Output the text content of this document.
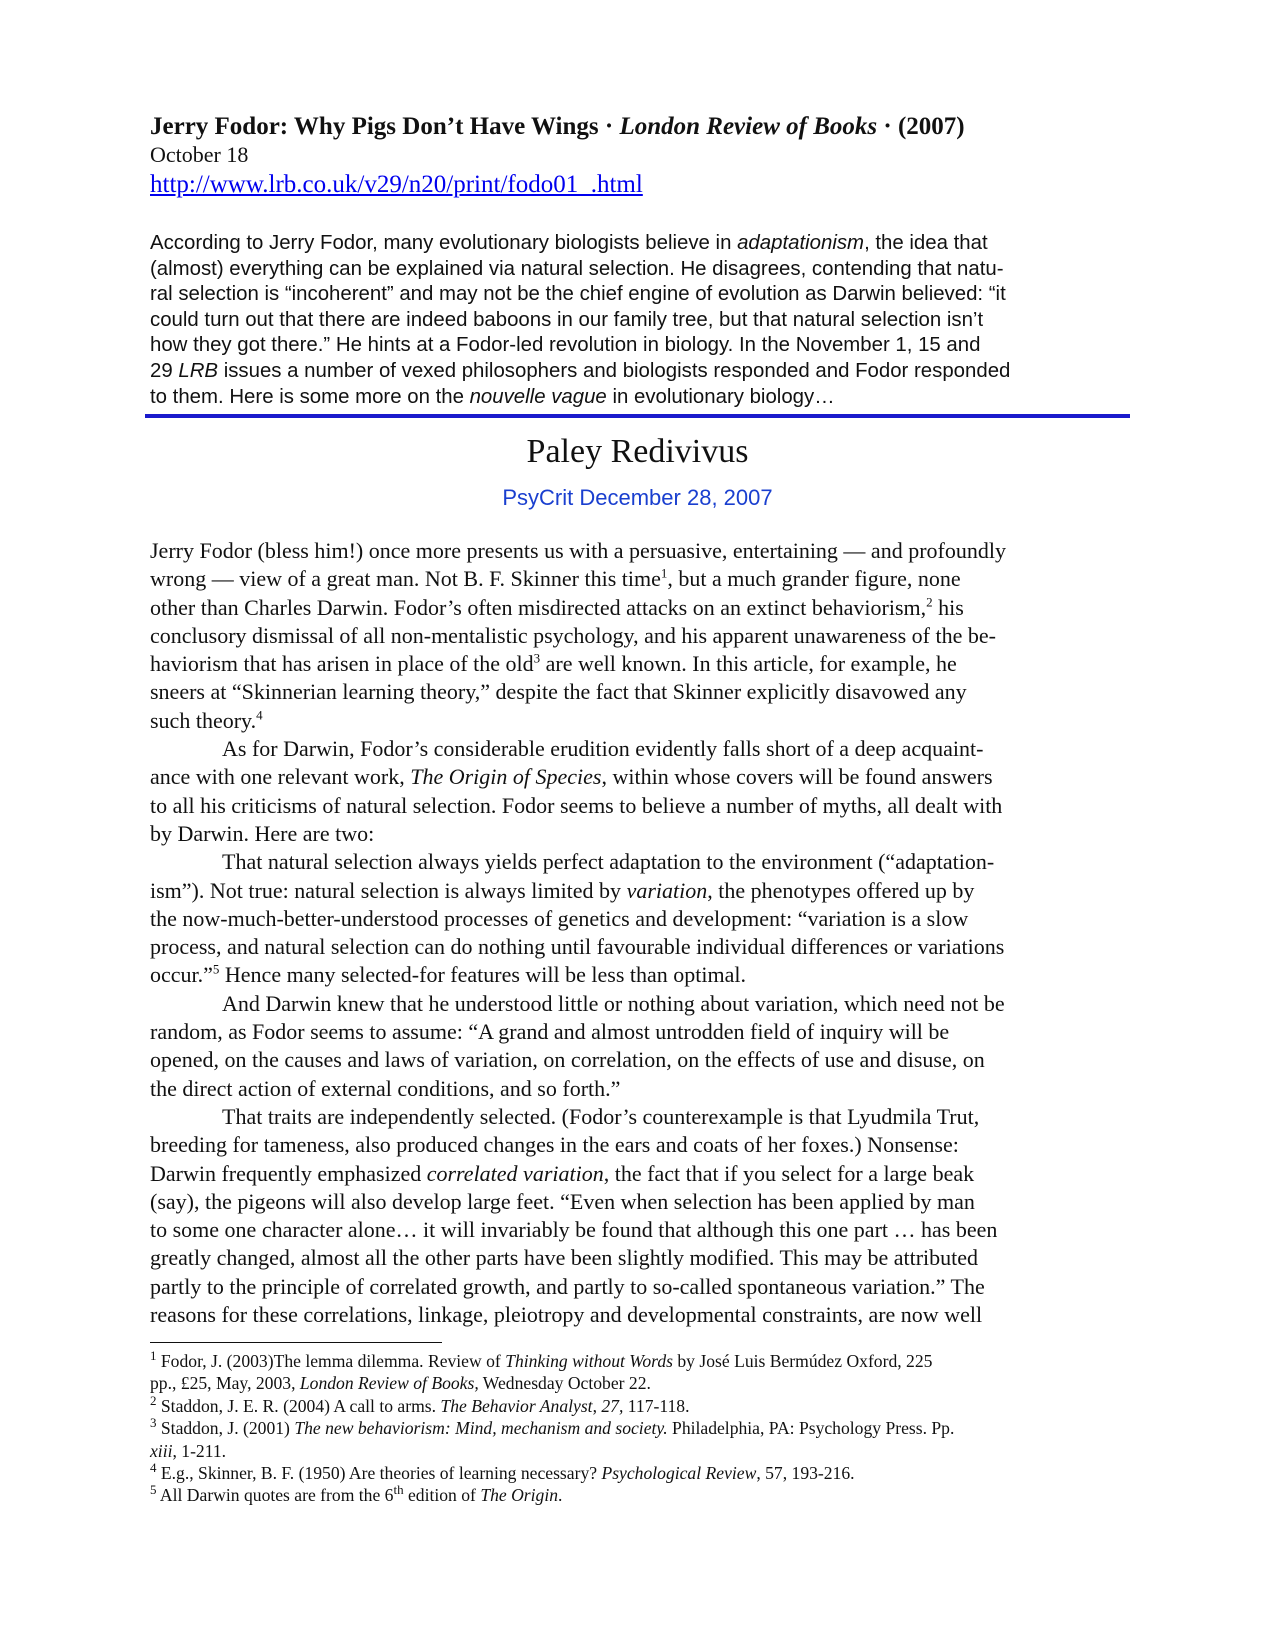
Jerry Fodor: Why Pigs Don’t Have Wings · London Review of Books · (2007)
October 18
http://www.lrb.co.uk/v29/n20/print/fodo01_.html
According to Jerry Fodor, many evolutionary biologists believe in adaptationism, the idea that
(almost) everything can be explained via natural selection. He disagrees, contending that natu-
ral selection is “incoherent” and may not be the chief engine of evolution as Darwin believed: “it
could turn out that there are indeed baboons in our family tree, but that natural selection isn’t
how they got there.” He hints at a Fodor-led revolution in biology. In the November 1, 15 and
29 LRB issues a number of vexed philosophers and biologists responded and Fodor responded
to them. Here is some more on the nouvelle vague in evolutionary biology…
Paley Redivivus
PsyCrit December 28, 2007
Jerry Fodor (bless him!) once more presents us with a persuasive, entertaining — and profoundly
wrong — view of a great man. Not B. F. Skinner this time$^1$, but a much grander figure, none
other than Charles Darwin. Fodor’s often misdirected attacks on an extinct behaviorism,$^2$ his
conclusory dismissal of all non-mentalistic psychology, and his apparent unawareness of the be-
haviorism that has arisen in place of the old$^3$ are well known. In this article, for example, he
sneers at “Skinnerian learning theory,” despite the fact that Skinner explicitly disavowed any
such theory.$^4$
As for Darwin, Fodor’s considerable erudition evidently falls short of a deep acquaint-
ance with one relevant work, The Origin of Species, within whose covers will be found answers
to all his criticisms of natural selection. Fodor seems to believe a number of myths, all dealt with
by Darwin. Here are two:
That natural selection always yields perfect adaptation to the environment (“adaptation-
ism”). Not true: natural selection is always limited by variation, the phenotypes offered up by
the now-much-better-understood processes of genetics and development: “variation is a slow
process, and natural selection can do nothing until favourable individual differences or variations
occur.”$^5$ Hence many selected-for features will be less than optimal.
And Darwin knew that he understood little or nothing about variation, which need not be
random, as Fodor seems to assume: “A grand and almost untrodden field of inquiry will be
opened, on the causes and laws of variation, on correlation, on the effects of use and disuse, on
the direct action of external conditions, and so forth.”
That traits are independently selected. (Fodor’s counterexample is that Lyudmila Trut,
breeding for tameness, also produced changes in the ears and coats of her foxes.) Nonsense:
Darwin frequently emphasized correlated variation, the fact that if you select for a large beak
(say), the pigeons will also develop large feet. “Even when selection has been applied by man
to some one character alone… it will invariably be found that although this one part … has been
greatly changed, almost all the other parts have been slightly modified. This may be attributed
partly to the principle of correlated growth, and partly to so-called spontaneous variation.” The
reasons for these correlations, linkage, pleiotropy and developmental constraints, are now well
$^1$ Fodor, J. (2003)The lemma dilemma. Review of Thinking without Words by José Luis Bermúdez Oxford, 225
pp., £25, May, 2003, London Review of Books, Wednesday October 22.
$^2$ Staddon, J. E. R. (2004) A call to arms. The Behavior Analyst, 27, 117-118.
$^3$ Staddon, J. (2001) The new behaviorism: Mind, mechanism and society. Philadelphia, PA: Psychology Press. Pp.
xiii, 1-211.
$^4$ E.g., Skinner, B. F. (1950) Are theories of learning necessary? Psychological Review, 57, 193-216.
$^5$ All Darwin quotes are from the 6th edition of The Origin.
